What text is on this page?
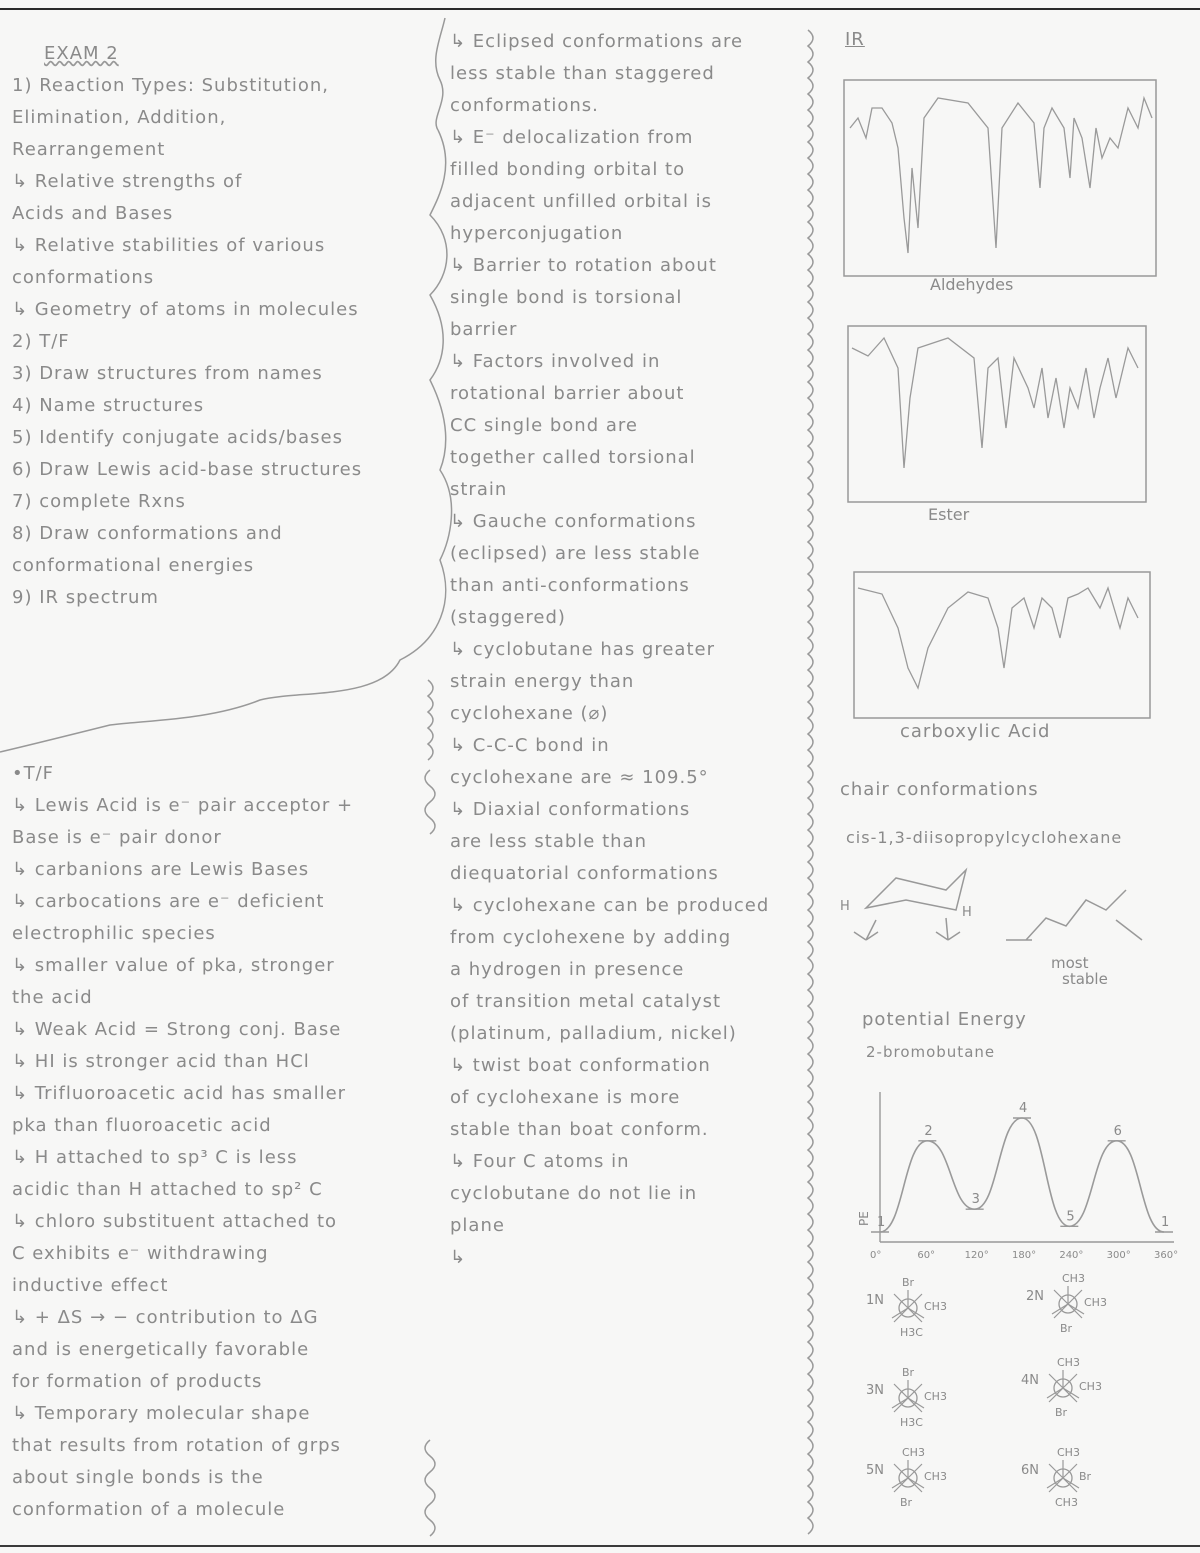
EXAM 2
1) Reaction Types: Substitution,
Elimination, Addition,
Rearrangement
↳ Relative strengths of
Acids and Bases
↳ Relative stabilities of various
conformations
↳ Geometry of atoms in molecules
2) T/F
3) Draw structures from names
4) Name structures
5) Identify conjugate acids/bases
6) Draw Lewis acid-base structures
7) complete Rxns
8) Draw conformations and
conformational energies
9) IR spectrum
•T/F
↳ Lewis Acid is e⁻ pair acceptor +
Base is e⁻ pair donor
↳ carbanions are Lewis Bases
↳ carbocations are e⁻ deficient
electrophilic species
↳ smaller value of pka, stronger
the acid
↳ Weak Acid = Strong conj. Base
↳ HI is stronger acid than HCl
↳ Trifluoroacetic acid has smaller
pka than fluoroacetic acid
↳ H attached to sp³ C is less
acidic than H attached to sp² C
↳ chloro substituent attached to
C exhibits e⁻ withdrawing
inductive effect
↳ + ΔS → − contribution to ΔG
and is energetically favorable
for formation of products
↳ Temporary molecular shape
that results from rotation of grps
about single bonds is the
conformation of a molecule
↳ Eclipsed conformations are
less stable than staggered
conformations.
↳ E⁻ delocalization from
filled bonding orbital to
adjacent unfilled orbital is
hyperconjugation
↳ Barrier to rotation about
single bond is torsional
barrier
↳ Factors involved in
rotational barrier about
CC single bond are
together called torsional
strain
↳ Gauche conformations
(eclipsed) are less stable
than anti-conformations
(staggered)
↳ cyclobutane has greater
strain energy than
cyclohexane (⌀)
↳ C-C-C bond in
cyclohexane are ≈ 109.5°
↳ Diaxial conformations
are less stable than
diequatorial conformations
↳ cyclohexane can be produced
from cyclohexene by adding
a hydrogen in presence
of transition metal catalyst
(platinum, palladium, nickel)
↳ twist boat conformation
of cyclohexane is more
stable than boat conform.
↳ Four C atoms in
cyclobutane do not lie in
plane
↳
IR
Aldehydes
Ester
carboxylic Acid
chair conformations
cis-1,3-diisopropylcyclohexane
H	H
most
stable
potential Energy
2-bromobutane
1
0°
2
60°
3
120°
4
180°
5
240°
6
300°
1
360°
PE
1N
Br
CH3
H3C
2N
CH3
CH3
Br
3N
Br
CH3
H3C
4N
CH3
CH3
Br
5N
CH3
CH3
Br
6N
CH3
Br
CH3
